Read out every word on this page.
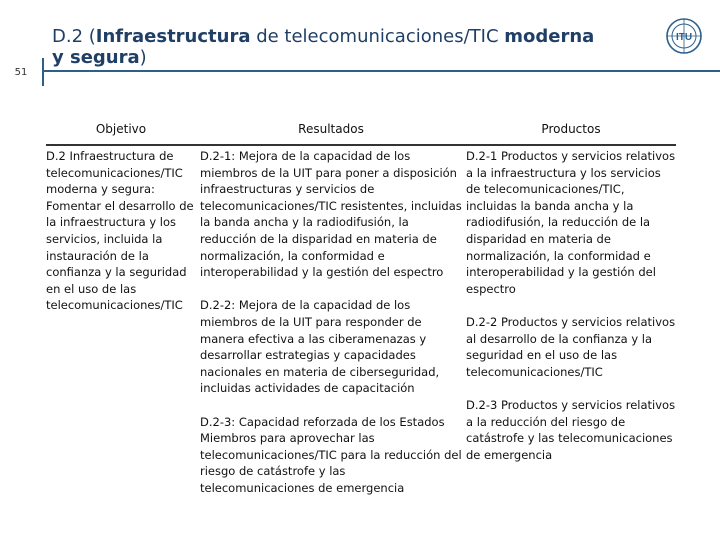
51
D.2 (Infraestructura de telecomunicaciones/TIC moderna y segura)
ITU
Objetivo	Resultados	Productos

D.2 Infraestructura de telecomunicaciones/TIC moderna y segura: Fomentar el desarrollo de la infraestructura y los servicios, incluida la instauración de la confianza y la seguridad en el uso de las telecomunicaciones/TIC

D.2-1: Mejora de la capacidad de los miembros de la UIT para poner a disposición infraestructuras y servicios de telecomunicaciones/TIC resistentes, incluidas la banda ancha y la radiodifusión, la reducción de la disparidad en materia de normalización, la conformidad e interoperabilidad y la gestión del espectro

D.2-2: Mejora de la capacidad de los miembros de la UIT para responder de manera efectiva a las ciberamenazas y desarrollar estrategias y capacidades nacionales en materia de ciberseguridad, incluidas actividades de capacitación

D.2-3: Capacidad reforzada de los Estados Miembros para aprovechar las telecomunicaciones/TIC para la reducción del riesgo de catástrofe y las telecomunicaciones de emergencia

D.2-1 Productos y servicios relativos a la infraestructura y los servicios de telecomunicaciones/TIC, incluidas la banda ancha y la radiodifusión, la reducción de la disparidad en materia de normalización, la conformidad e interoperabilidad y la gestión del espectro

D.2-2 Productos y servicios relativos al desarrollo de la confianza y la seguridad en el uso de las telecomunicaciones/TIC

D.2-3 Productos y servicios relativos a la reducción del riesgo de catástrofe y las telecomunicaciones de emergencia
